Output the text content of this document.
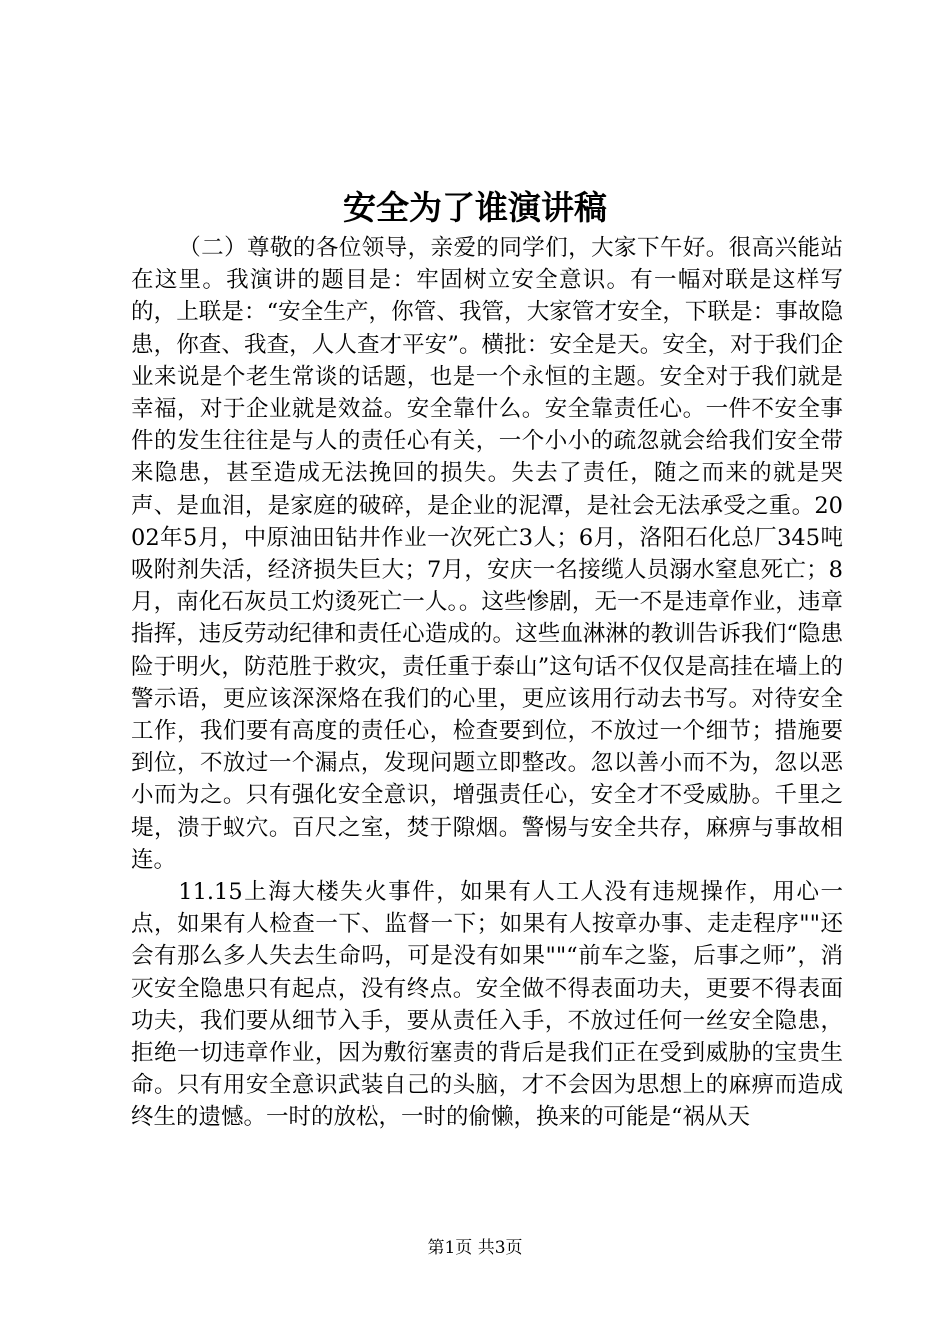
安全为了谁演讲稿

（二）尊敬的各位领导，亲爱的同学们，大家下午好。很高兴能站在这里。我演讲的题目是：牢固树立安全意识。有一幅对联是这样写的，上联是：“安全生产，你管、我管，大家管才安全，下联是：事故隐患，你查、我查，人人查才平安”。横批：安全是天。安全，对于我们企业来说是个老生常谈的话题，也是一个永恒的主题。安全对于我们就是幸福，对于企业就是效益。安全靠什么。安全靠责任心。一件不安全事件的发生往往是与人的责任心有关，一个小小的疏忽就会给我们安全带来隐患，甚至造成无法挽回的损失。失去了责任，随之而来的就是哭声、是血泪，是家庭的破碎，是企业的泥潭，是社会无法承受之重。2002年5月，中原油田钻井作业一次死亡3人；6月，洛阳石化总厂345吨吸附剂失活，经济损失巨大；7月，安庆一名接缆人员溺水窒息死亡；8月，南化石灰员工灼烫死亡一人。。这些惨剧，无一不是违章作业，违章指挥，违反劳动纪律和责任心造成的。这些血淋淋的教训告诉我们“隐患险于明火，防范胜于救灾，责任重于泰山”这句话不仅仅是高挂在墙上的警示语，更应该深深烙在我们的心里，更应该用行动去书写。对待安全工作，我们要有高度的责任心，检查要到位，不放过一个细节；措施要到位，不放过一个漏点，发现问题立即整改。忽以善小而不为，忽以恶小而为之。只有强化安全意识，增强责任心，安全才不受威胁。千里之堤，溃于蚁穴。百尺之室，焚于隙烟。警惕与安全共存，麻痹与事故相连。

11.15上海大楼失火事件，如果有人工人没有违规操作，用心一点，如果有人检查一下、监督一下；如果有人按章办事、走走程序""还会有那么多人失去生命吗，可是没有如果""“前车之鉴，后事之师”，消灭安全隐患只有起点，没有终点。安全做不得表面功夫，更要不得表面功夫，我们要从细节入手，要从责任入手，不放过任何一丝安全隐患，拒绝一切违章作业，因为敷衍塞责的背后是我们正在受到威胁的宝贵生命。只有用安全意识武装自己的头脑，才不会因为思想上的麻痹而造成终生的遗憾。一时的放松，一时的偷懒，换来的可能是“祸从天

第1页 共3页
